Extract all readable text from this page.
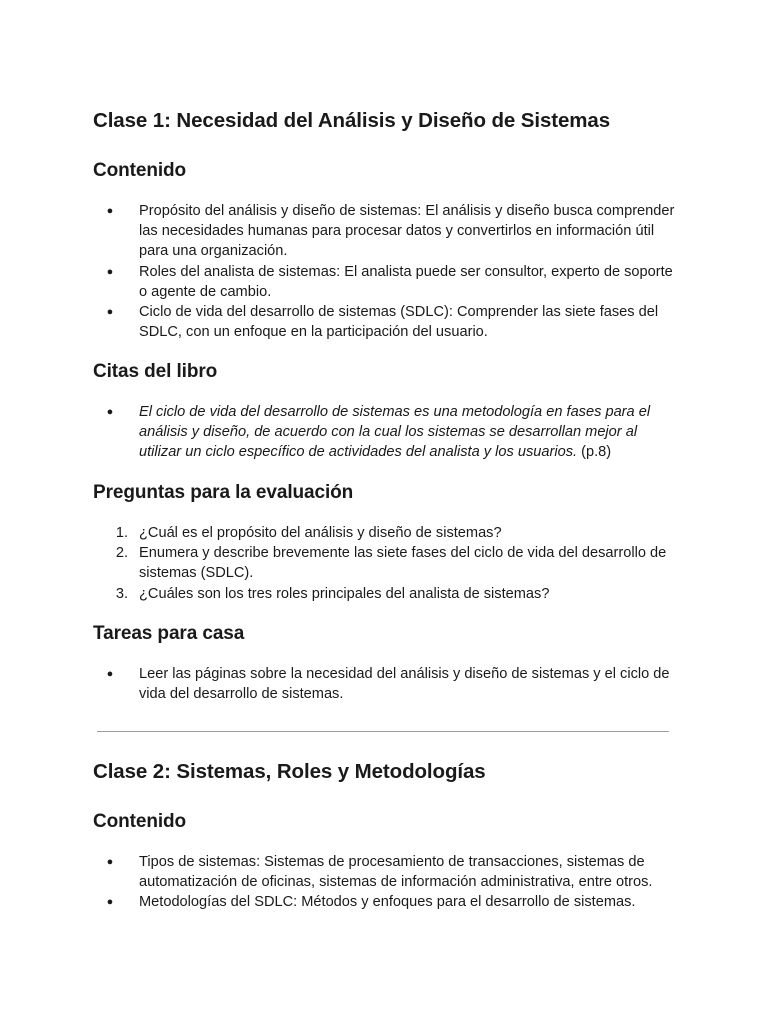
Clase 1: Necesidad del Análisis y Diseño de Sistemas
Contenido
●	Propósito del análisis y diseño de sistemas: El análisis y diseño busca comprender las necesidades humanas para procesar datos y convertirlos en información útil para una organización.
●	Roles del analista de sistemas: El analista puede ser consultor, experto de soporte o agente de cambio.
●	Ciclo de vida del desarrollo de sistemas (SDLC): Comprender las siete fases del SDLC, con un enfoque en la participación del usuario.
Citas del libro
●	El ciclo de vida del desarrollo de sistemas es una metodología en fases para el análisis y diseño, de acuerdo con la cual los sistemas se desarrollan mejor al utilizar un ciclo específico de actividades del analista y los usuarios. (p.8)
Preguntas para la evaluación
1. ¿Cuál es el propósito del análisis y diseño de sistemas?
2. Enumera y describe brevemente las siete fases del ciclo de vida del desarrollo de sistemas (SDLC).
3. ¿Cuáles son los tres roles principales del analista de sistemas?
Tareas para casa
●	Leer las páginas sobre la necesidad del análisis y diseño de sistemas y el ciclo de vida del desarrollo de sistemas.
Clase 2: Sistemas, Roles y Metodologías
Contenido
●	Tipos de sistemas: Sistemas de procesamiento de transacciones, sistemas de automatización de oficinas, sistemas de información administrativa, entre otros.
●	Metodologías del SDLC: Métodos y enfoques para el desarrollo de sistemas.
